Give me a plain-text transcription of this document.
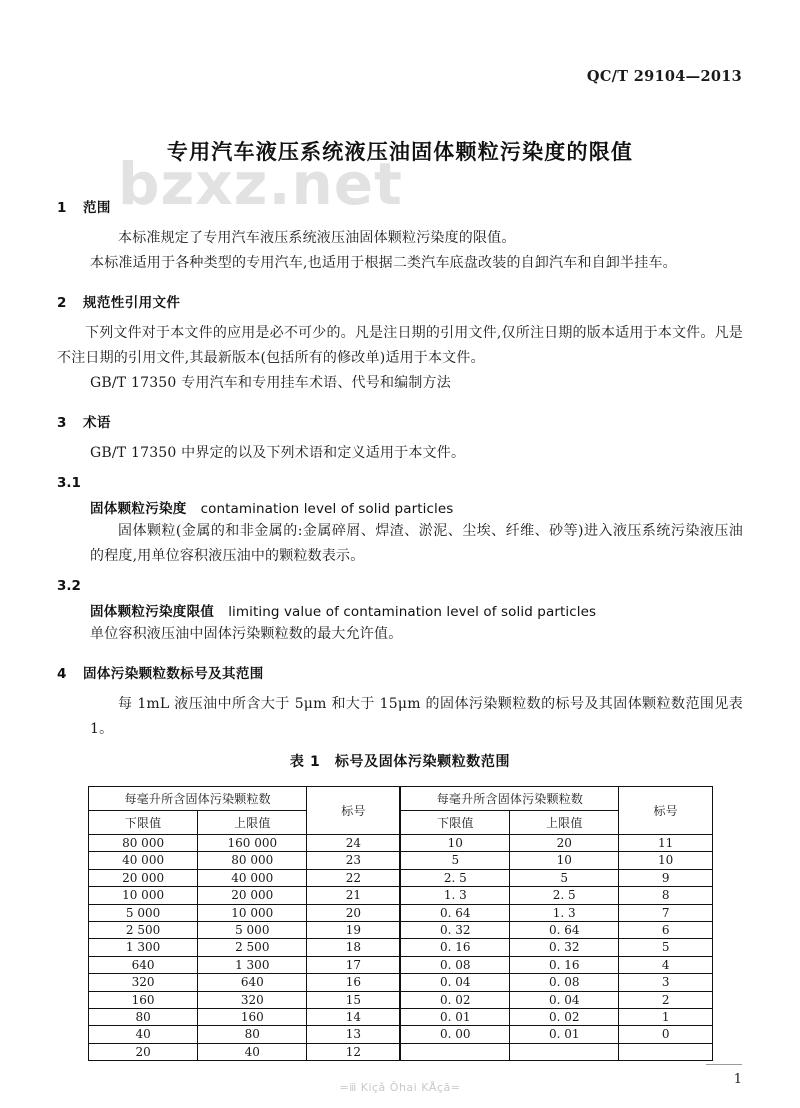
bzxz.net
QC/T 29104—2013
专用汽车液压系统液压油固体颗粒污染度的限值
1 范围

本标准规定了专用汽车液压系统液压油固体颗粒污染度的限值。

本标准适用于各种类型的专用汽车,也适用于根据二类汽车底盘改装的自卸汽车和自卸半挂车。

2 规范性引用文件

下列文件对于本文件的应用是必不可少的。凡是注日期的引用文件,仅所注日期的版本适用于本文件。凡是不注日期的引用文件,其最新版本(包括所有的修改单)适用于本文件。

GB/T 17350 专用汽车和专用挂车术语、代号和编制方法

3 术语

GB/T 17350 中界定的以及下列术语和定义适用于本文件。

3.1
固体颗粒污染度 contamination level of solid particles

固体颗粒(金属的和非金属的:金属碎屑、焊渣、淤泥、尘埃、纤维、砂等)进入液压系统污染液压油的程度,用单位容积液压油中的颗粒数表示。

3.2
固体颗粒污染度限值 limiting value of contamination level of solid particles

单位容积液压油中固体污染颗粒数的最大允许值。

4 固体污染颗粒数标号及其范围

每 1mL 液压油中所含大于 5μm 和大于 15μm 的固体污染颗粒数的标号及其固体颗粒数范围见表 1。

表 1　标号及固体污染颗粒数范围
每毫升所含固体污染颗粒数		标号	每毫升所含固体污染颗粒数		标号
下限值	上限值		下限值	上限值	
80 000	160 000	24	10	20	11
40 000	80 000	23	5	10	10
20 000	40 000	22	2. 5	5	9
10 000	20 000	21	1. 3	2. 5	8
5 000	10 000	20	0. 64	1. 3	7
2 500	5 000	19	0. 32	0. 64	6
1 300	2 500	18	0. 16	0. 32	5
640	1 300	17	0. 08	0. 16	4
320	640	16	0. 04	0. 08	3
160	320	15	0. 02	0. 04	2
80	160	14	0. 01	0. 02	1
40	80	13	0. 00	0. 01	0
20	40	12			
1
=ⅲ Kiçǎ Ǒhai KÅçā=
